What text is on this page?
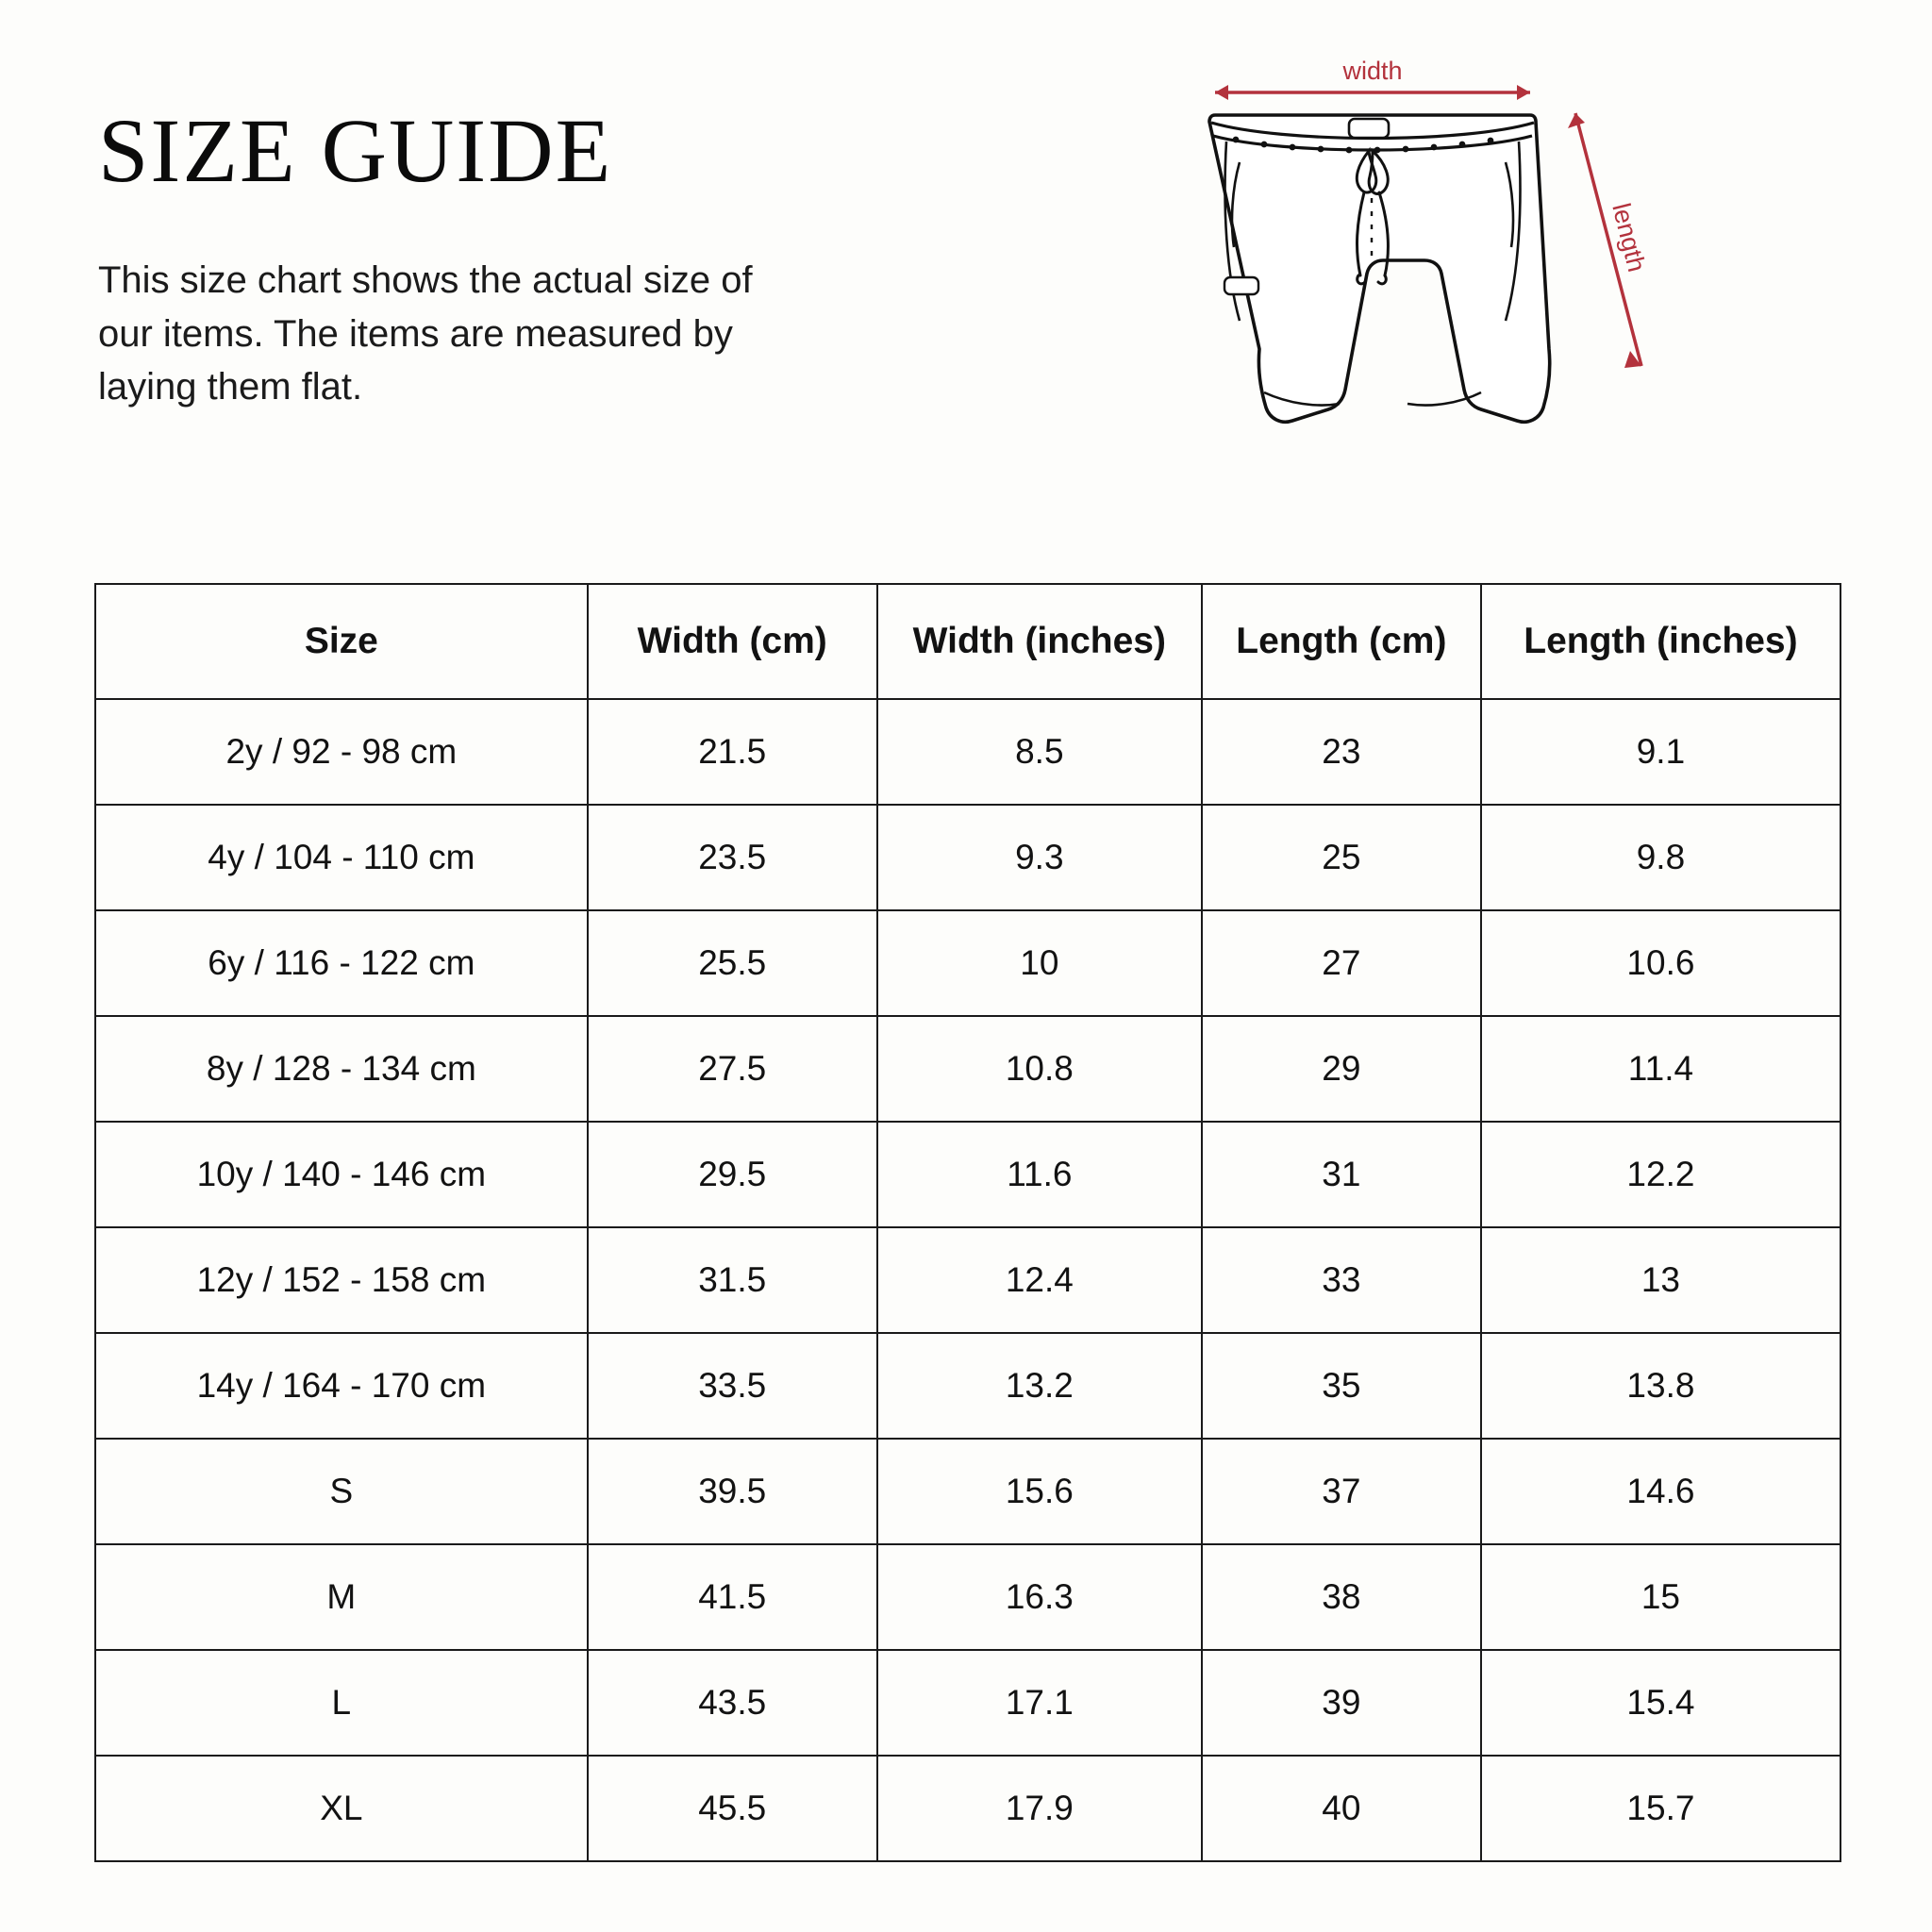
SIZE GUIDE

This size chart shows the actual size of our items. The items are measured by laying them flat.

width
length
Size	Width (cm)	Width (inches)	Length (cm)	Length (inches)
2y / 92 - 98 cm	21.5	8.5	23	9.1
4y / 104 - 110 cm	23.5	9.3	25	9.8
6y / 116 - 122 cm	25.5	10	27	10.6
8y / 128 - 134 cm	27.5	10.8	29	11.4
10y / 140 - 146 cm	29.5	11.6	31	12.2
12y / 152 - 158 cm	31.5	12.4	33	13
14y / 164 - 170 cm	33.5	13.2	35	13.8
S	39.5	15.6	37	14.6
M	41.5	16.3	38	15
L	43.5	17.1	39	15.4
XL	45.5	17.9	40	15.7
